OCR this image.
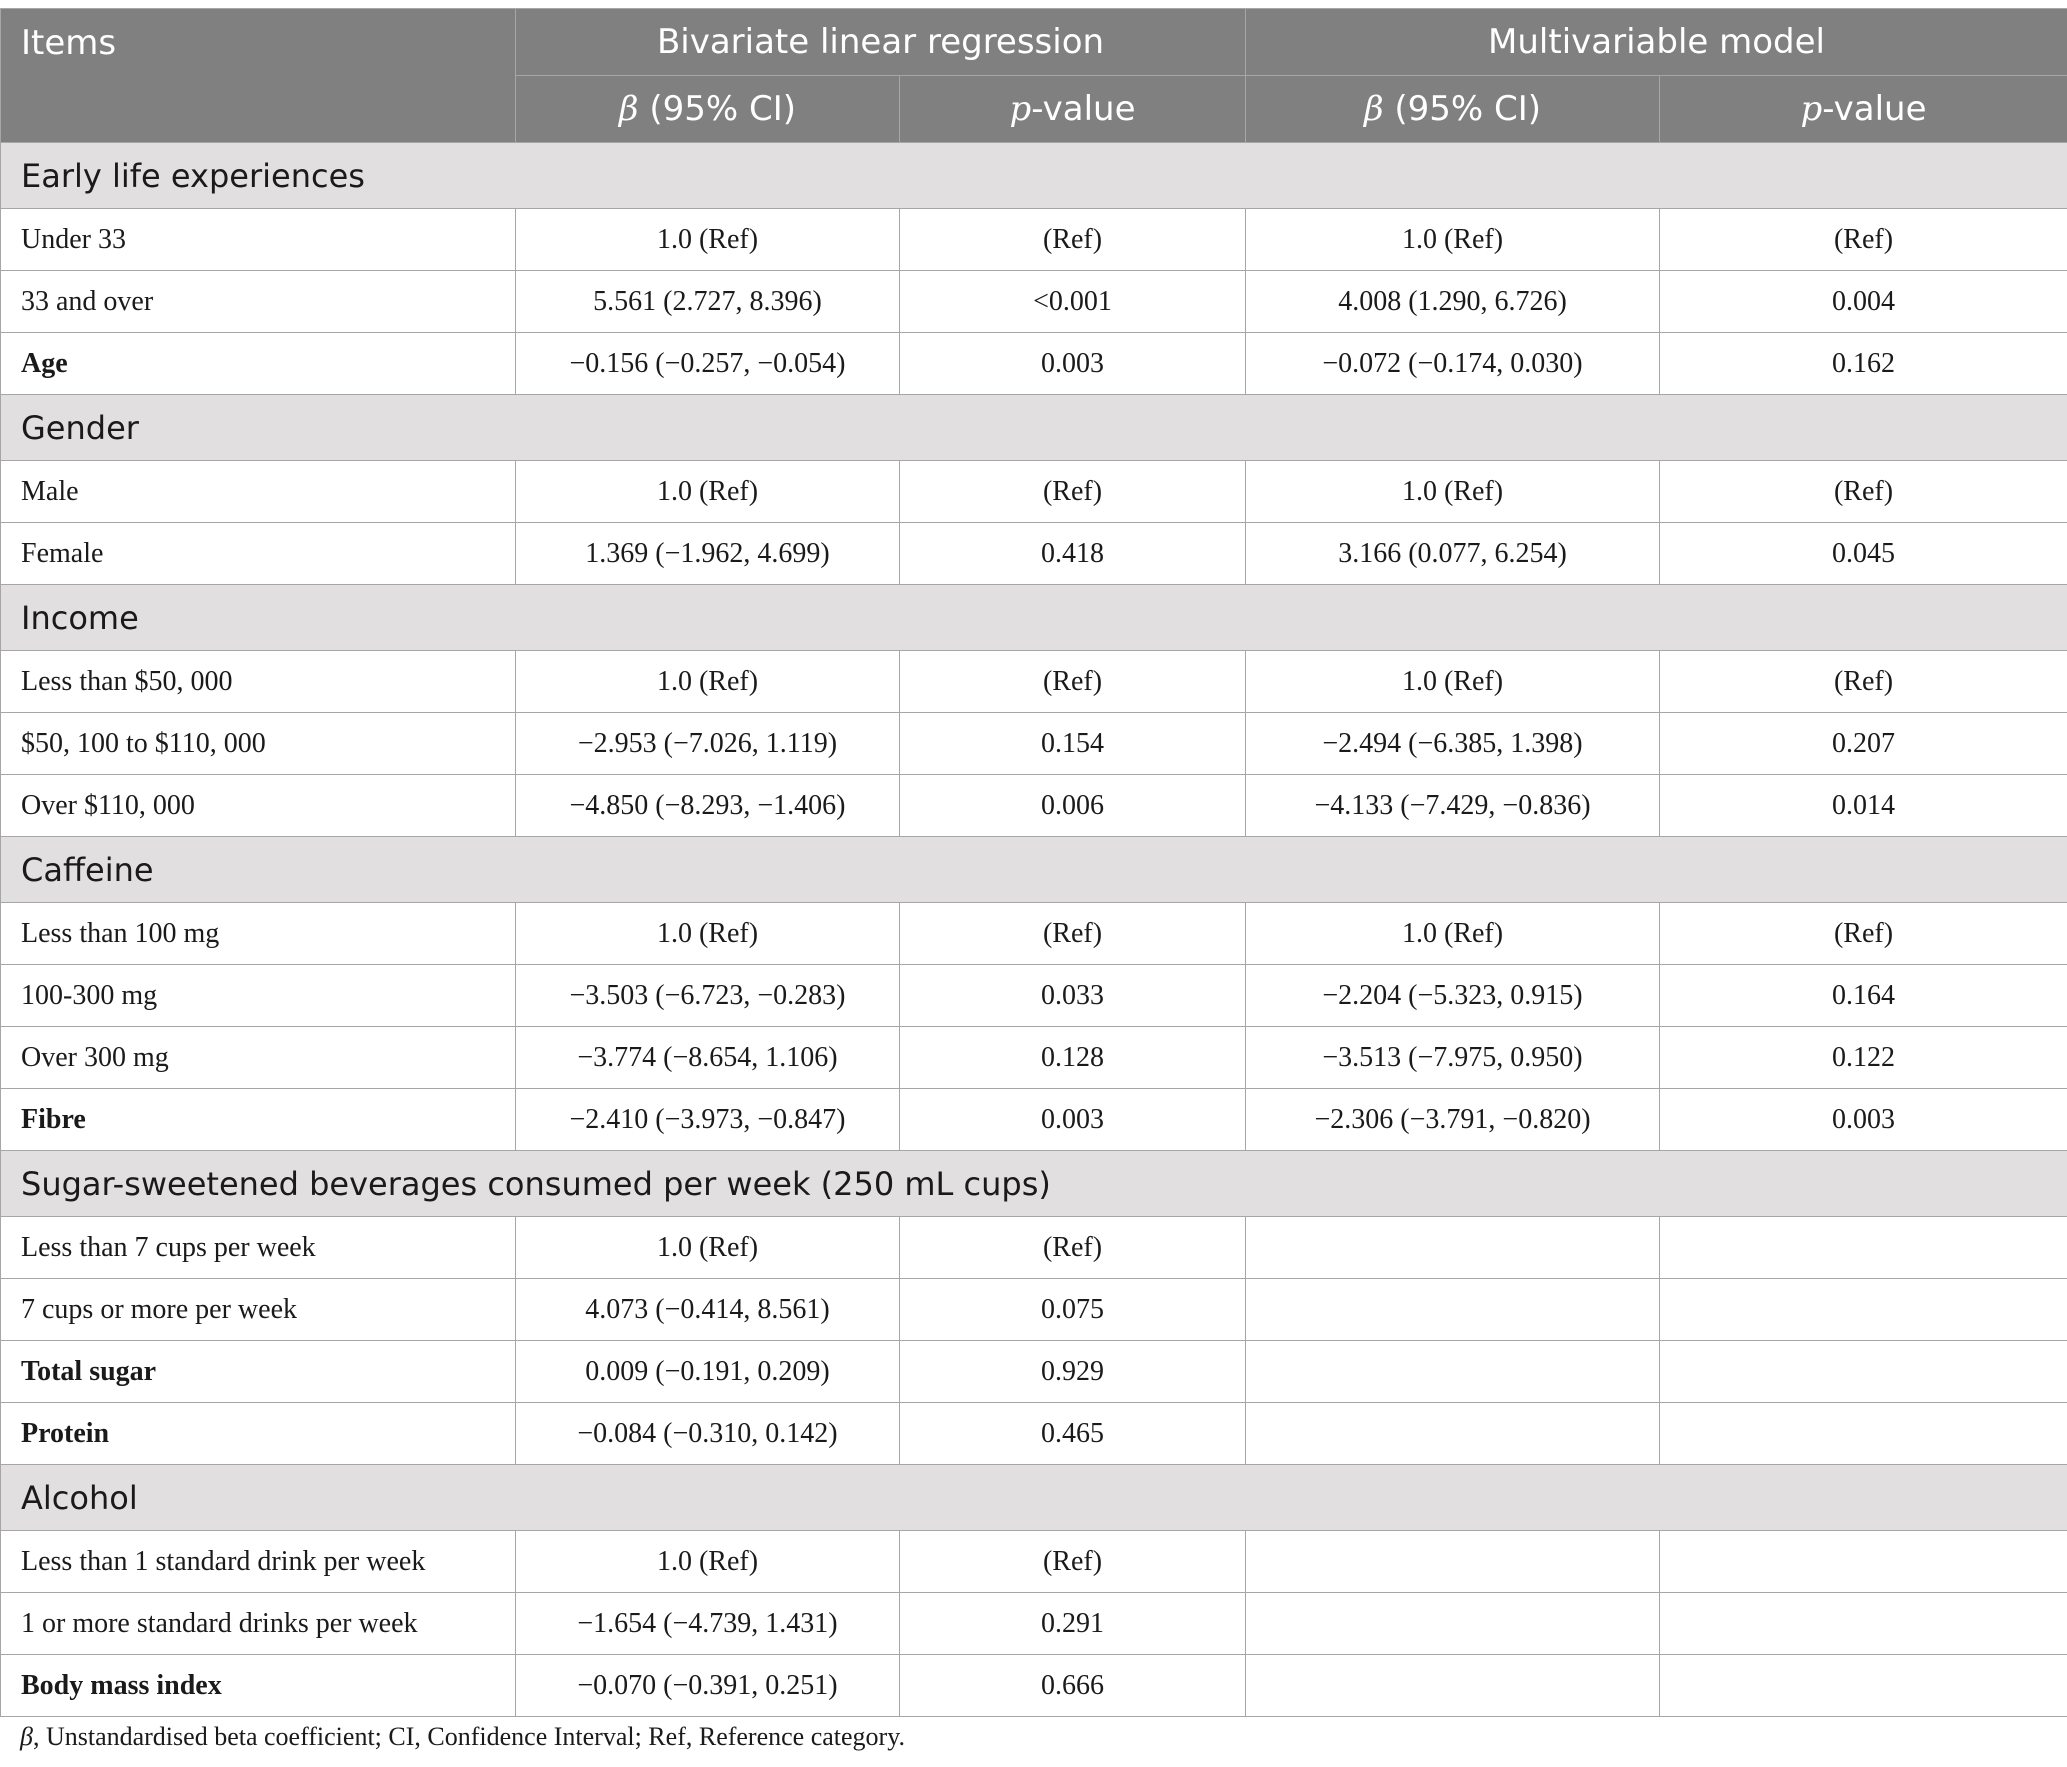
Items	Bivariate linear regression		Multivariable model	
	β (95% CI)	p-value	β (95% CI)	p-value
Early life experiences				
Under 33	1.0 (Ref)	(Ref)	1.0 (Ref)	(Ref)
33 and over	5.561 (2.727, 8.396)	<0.001	4.008 (1.290, 6.726)	0.004
Age	−0.156 (−0.257, −0.054)	0.003	−0.072 (−0.174, 0.030)	0.162
Gender				
Male	1.0 (Ref)	(Ref)	1.0 (Ref)	(Ref)
Female	1.369 (−1.962, 4.699)	0.418	3.166 (0.077, 6.254)	0.045
Income				
Less than $50, 000	1.0 (Ref)	(Ref)	1.0 (Ref)	(Ref)
$50, 100 to $110, 000	−2.953 (−7.026, 1.119)	0.154	−2.494 (−6.385, 1.398)	0.207
Over $110, 000	−4.850 (−8.293, −1.406)	0.006	−4.133 (−7.429, −0.836)	0.014
Caffeine				
Less than 100 mg	1.0 (Ref)	(Ref)	1.0 (Ref)	(Ref)
100-300 mg	−3.503 (−6.723, −0.283)	0.033	−2.204 (−5.323, 0.915)	0.164
Over 300 mg	−3.774 (−8.654, 1.106)	0.128	−3.513 (−7.975, 0.950)	0.122
Fibre	−2.410 (−3.973, −0.847)	0.003	−2.306 (−3.791, −0.820)	0.003
Sugar-sweetened beverages consumed per week (250 mL cups)				
Less than 7 cups per week	1.0 (Ref)	(Ref)		
7 cups or more per week	4.073 (−0.414, 8.561)	0.075		
Total sugar	0.009 (−0.191, 0.209)	0.929		
Protein	−0.084 (−0.310, 0.142)	0.465		
Alcohol				
Less than 1 standard drink per week	1.0 (Ref)	(Ref)		
1 or more standard drinks per week	−1.654 (−4.739, 1.431)	0.291		
Body mass index	−0.070 (−0.391, 0.251)	0.666		
β, Unstandardised beta coefficient; CI, Confidence Interval; Ref, Reference category.
